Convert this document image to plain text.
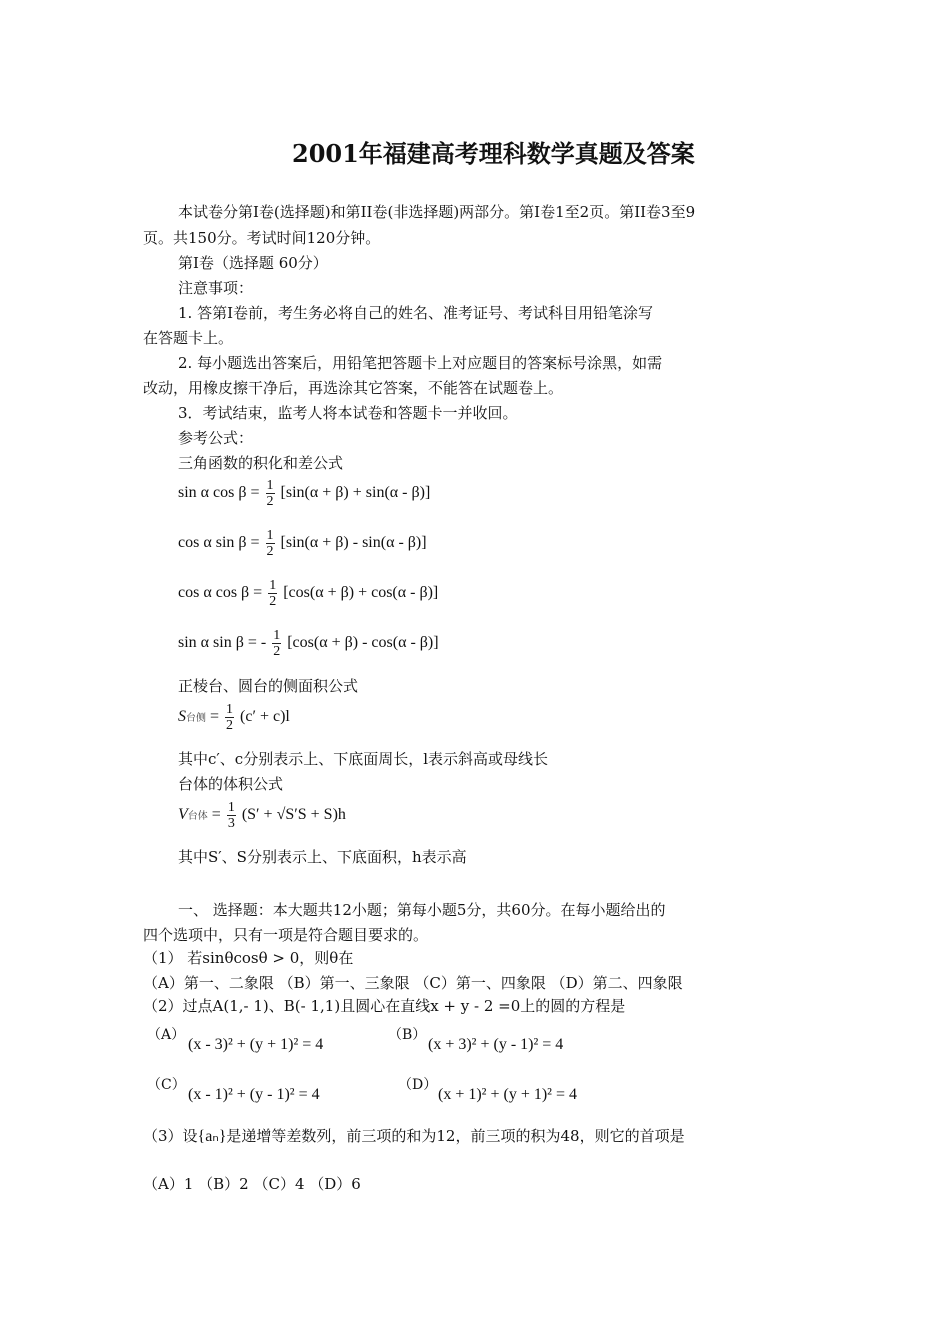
2001年福建高考理科数学真题及答案
本试卷分第I卷(选择题)和第II卷(非选择题)两部分。第I卷1至2页。第II卷3至9
页。共150分。考试时间120分钟。
第I卷（选择题 60分）
注意事项：
1. 答第I卷前，考生务必将自己的姓名、准考证号、考试科目用铅笔涂写
在答题卡上。
2. 每小题选出答案后，用铅笔把答题卡上对应题目的答案标号涂黑，如需
改动，用橡皮擦干净后，再选涂其它答案，不能答在试题卷上。
3．考试结束，监考人将本试卷和答题卡一并收回。
参考公式：
三角函数的积化和差公式
sin α $\cos \beta = \frac{1}{2} [\sin(\alpha + \beta) + \sin(\alpha - \beta)]$
cos α $\sin \beta = \frac{1}{2} [\sin(\alpha + \beta) - \sin(\alpha - \beta)]$
cos α $\cos \beta = \frac{1}{2} [\cos(\alpha + \beta) + \cos(\alpha - \beta)]$
sin α sin β = - $\frac{1}{2} [\cos(\alpha + \beta) - \cos(\alpha - \beta)]$
正棱台、圆台的侧面积公式
S台侧 = $\frac{1}{2} (c' + c)l$
其中c′、c分别表示上、下底面周长，l表示斜高或母线长
台体的体积公式
V台体 = $\frac{1}{3} (S' + √S'S + S)h$
其中S′、S分别表示上、下底面积，h表示高
一、 选择题：本大题共12小题；第每小题5分，共60分。在每小题给出的
四个选项中，只有一项是符合题目要求的。
（1） 若sinθcosθ > 0，则θ在
（A）第一、二象限 （B）第一、三象限 （C）第一、四象限 （D）第二、四象限
（2）过点A(1,- 1)、B(- 1,1)且圆心在直线x + y - 2 =0上的圆的方程是
（A）
(x - 3)² + (y + 1)² = 4
（B）
(x + 3)² + (y - 1)² = 4
（C）
(x - 1)² + (y - 1)² = 4
（D）
(x + 1)² + (y + 1)² = 4
（3）设{aₙ}是递增等差数列，前三项的和为12，前三项的积为48，则它的首项是
（A）1 （B）2 （C）4 （D）6
